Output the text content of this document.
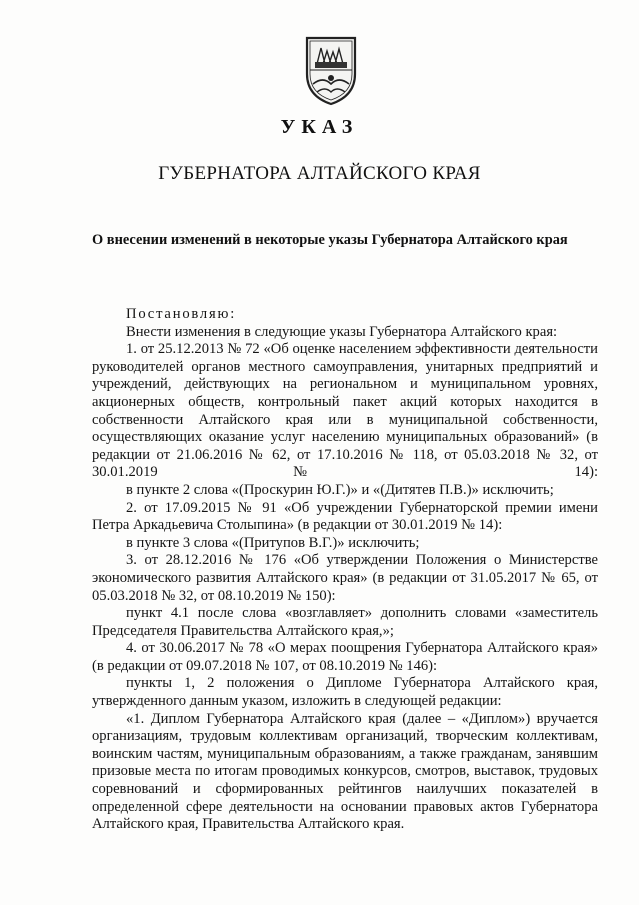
УКАЗ
ГУБЕРНАТОРА АЛТАЙСКОГО КРАЯ
О внесении изменений в некоторые указы Губернатора Алтайского края

Постановляю:

Внести изменения в следующие указы Губернатора Алтайского края:

1. от 25.12.2013 № 72 «Об оценке населением эффективности деятельности руководителей органов местного самоуправления, унитарных предприятий и учреждений, действующих на региональном и муниципальном уровнях, акционерных обществ, контрольный пакет акций которых находится в собственности Алтайского края или в муниципальной собственности, осуществляющих оказание услуг населению муниципальных образований» (в редакции от 21.06.2016 № 62, от 17.10.2016 № 118, от 05.03.2018 № 32, от 30.01.2019 № 14):

в пункте 2 слова «(Проскурин Ю.Г.)» и «(Дитятев П.В.)» исключить;

2. от 17.09.2015 № 91 «Об учреждении Губернаторской премии имени Петра Аркадьевича Столыпина» (в редакции от 30.01.2019 № 14):

в пункте 3 слова «(Притупов В.Г.)» исключить;

3. от 28.12.2016 № 176 «Об утверждении Положения о Министерстве экономического развития Алтайского края» (в редакции от 31.05.2017 № 65, от 05.03.2018 № 32, от 08.10.2019 № 150):

пункт 4.1 после слова «возглавляет» дополнить словами «заместитель Председателя Правительства Алтайского края,»;

4. от 30.06.2017 № 78 «О мерах поощрения Губернатора Алтайского края» (в редакции от 09.07.2018 № 107, от 08.10.2019 № 146):

пункты 1, 2 положения о Дипломе Губернатора Алтайского края, утвержденного данным указом, изложить в следующей редакции:

«1. Диплом Губернатора Алтайского края (далее – «Диплом») вручается организациям, трудовым коллективам организаций, творческим коллективам, воинским частям, муниципальным образованиям, а также гражданам, занявшим призовые места по итогам проводимых конкурсов, смотров, выставок, трудовых соревнований и сформированных рейтингов наилучших показателей в определенной сфере деятельности на основании правовых актов Губернатора Алтайского края, Правительства Алтайского края.
